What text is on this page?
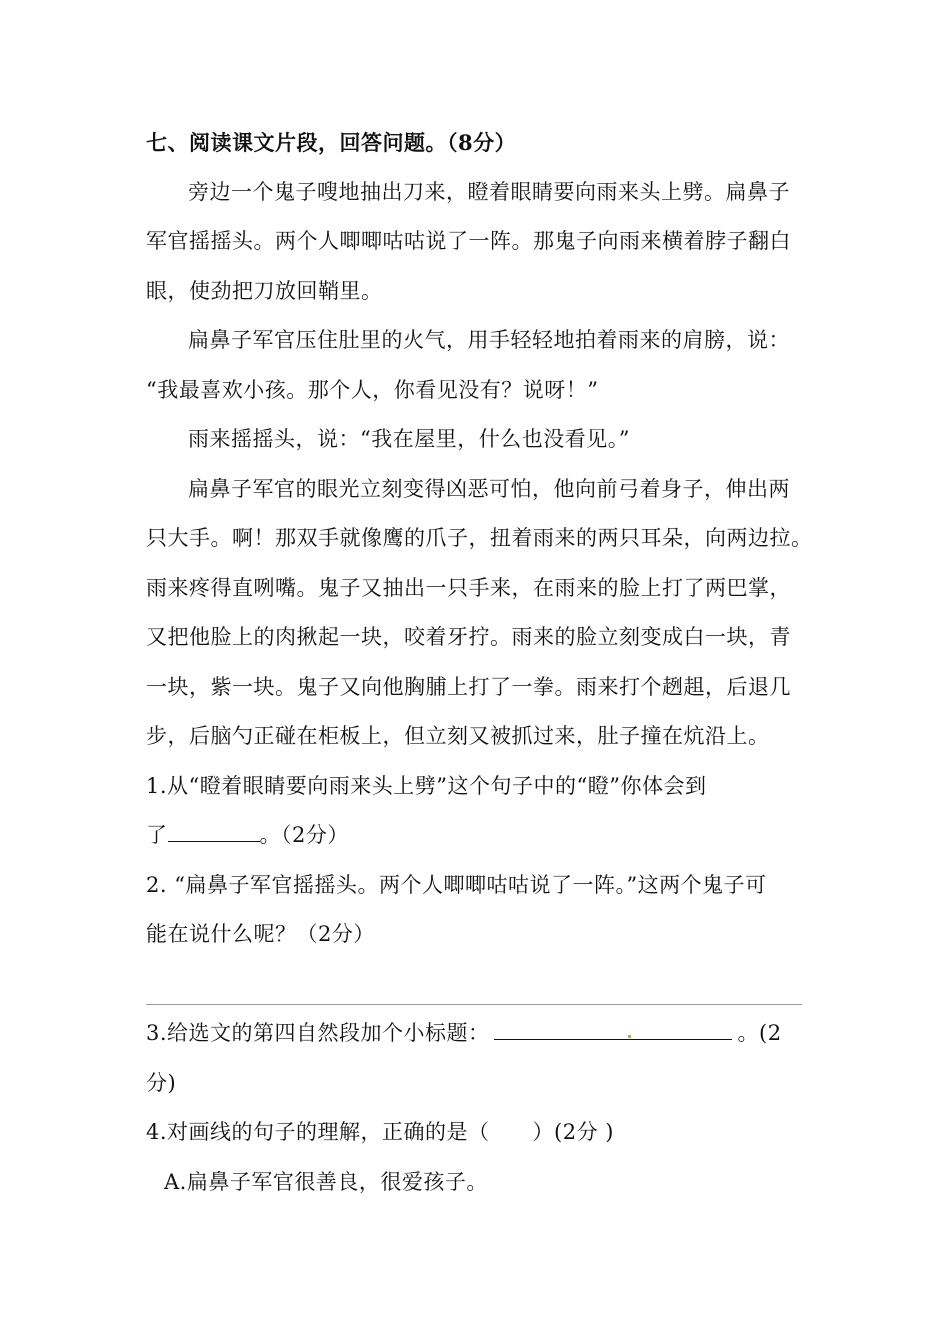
七、阅读课文片段，回答问题。（8分）
旁边一个鬼子嗖地抽出刀来，瞪着眼睛要向雨来头上劈。扁鼻子
军官摇摇头。两个人唧唧咕咕说了一阵。那鬼子向雨来横着脖子翻白
眼，使劲把刀放回鞘里。
扁鼻子军官压住肚里的火气，用手轻轻地拍着雨来的肩膀，说：
“我最喜欢小孩。那个人，你看见没有？说呀！”
雨来摇摇头，说：“我在屋里，什么也没看见。”
扁鼻子军官的眼光立刻变得凶恶可怕，他向前弓着身子，伸出两
只大手。啊！那双手就像鹰的爪子，扭着雨来的两只耳朵，向两边拉。
雨来疼得直咧嘴。鬼子又抽出一只手来，在雨来的脸上打了两巴掌，
又把他脸上的肉揪起一块，咬着牙拧。雨来的脸立刻变成白一块，青
一块，紫一块。鬼子又向他胸脯上打了一拳。雨来打个趔趄，后退几
步，后脑勺正碰在柜板上，但立刻又被抓过来，肚子撞在炕沿上。
1.从“瞪着眼睛要向雨来头上劈”这个句子中的“瞪”你体会到
了	。（2分）
2. “扁鼻子军官摇摇头。两个人唧唧咕咕说了一阵。”这两个鬼子可
能在说什么呢？（2分）
3.给选文的第四自然段加个小标题：	。(2
分)
4.对画线的句子的理解，正确的是（　　）(2分 )
A.扁鼻子军官很善良，很爱孩子。
